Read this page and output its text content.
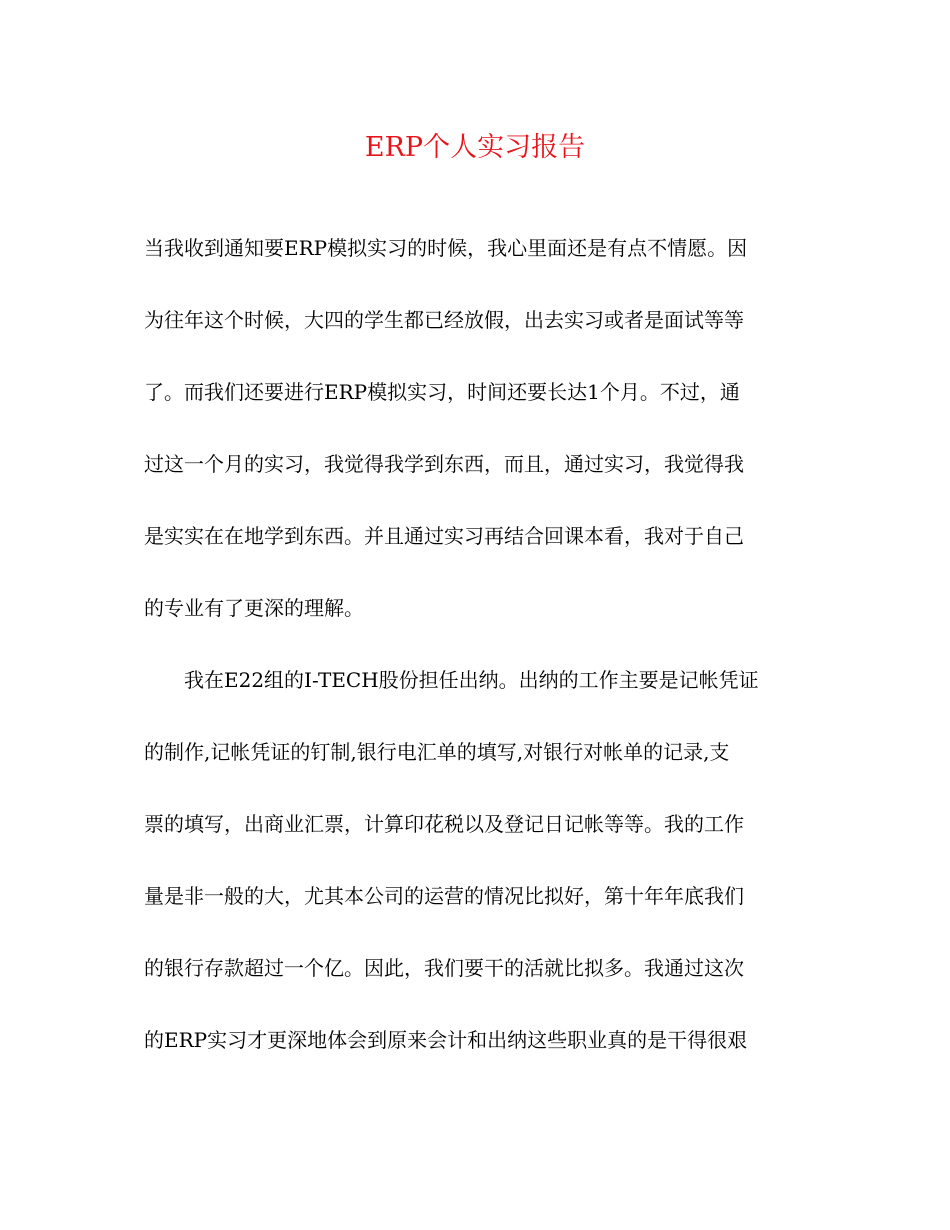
ERP个人实习报告

当我收到通知要ERP模拟实习的时候，我心里面还是有点不情愿。因

为往年这个时候，大四的学生都已经放假，出去实习或者是面试等等

了。而我们还要进行ERP模拟实习，时间还要长达1个月。不过，通

过这一个月的实习，我觉得我学到东西，而且，通过实习，我觉得我

是实实在在地学到东西。并且通过实习再结合回课本看，我对于自己

的专业有了更深的理解。

我在E22组的I-TECH股份担任出纳。出纳的工作主要是记帐凭证

的制作,记帐凭证的钉制,银行电汇单的填写,对银行对帐单的记录,支

票的填写，出商业汇票，计算印花税以及登记日记帐等等。我的工作

量是非一般的大，尤其本公司的运营的情况比拟好，第十年年底我们

的银行存款超过一个亿。因此，我们要干的活就比拟多。我通过这次

的ERP实习才更深地体会到原来会计和出纳这些职业真的是干得很艰
